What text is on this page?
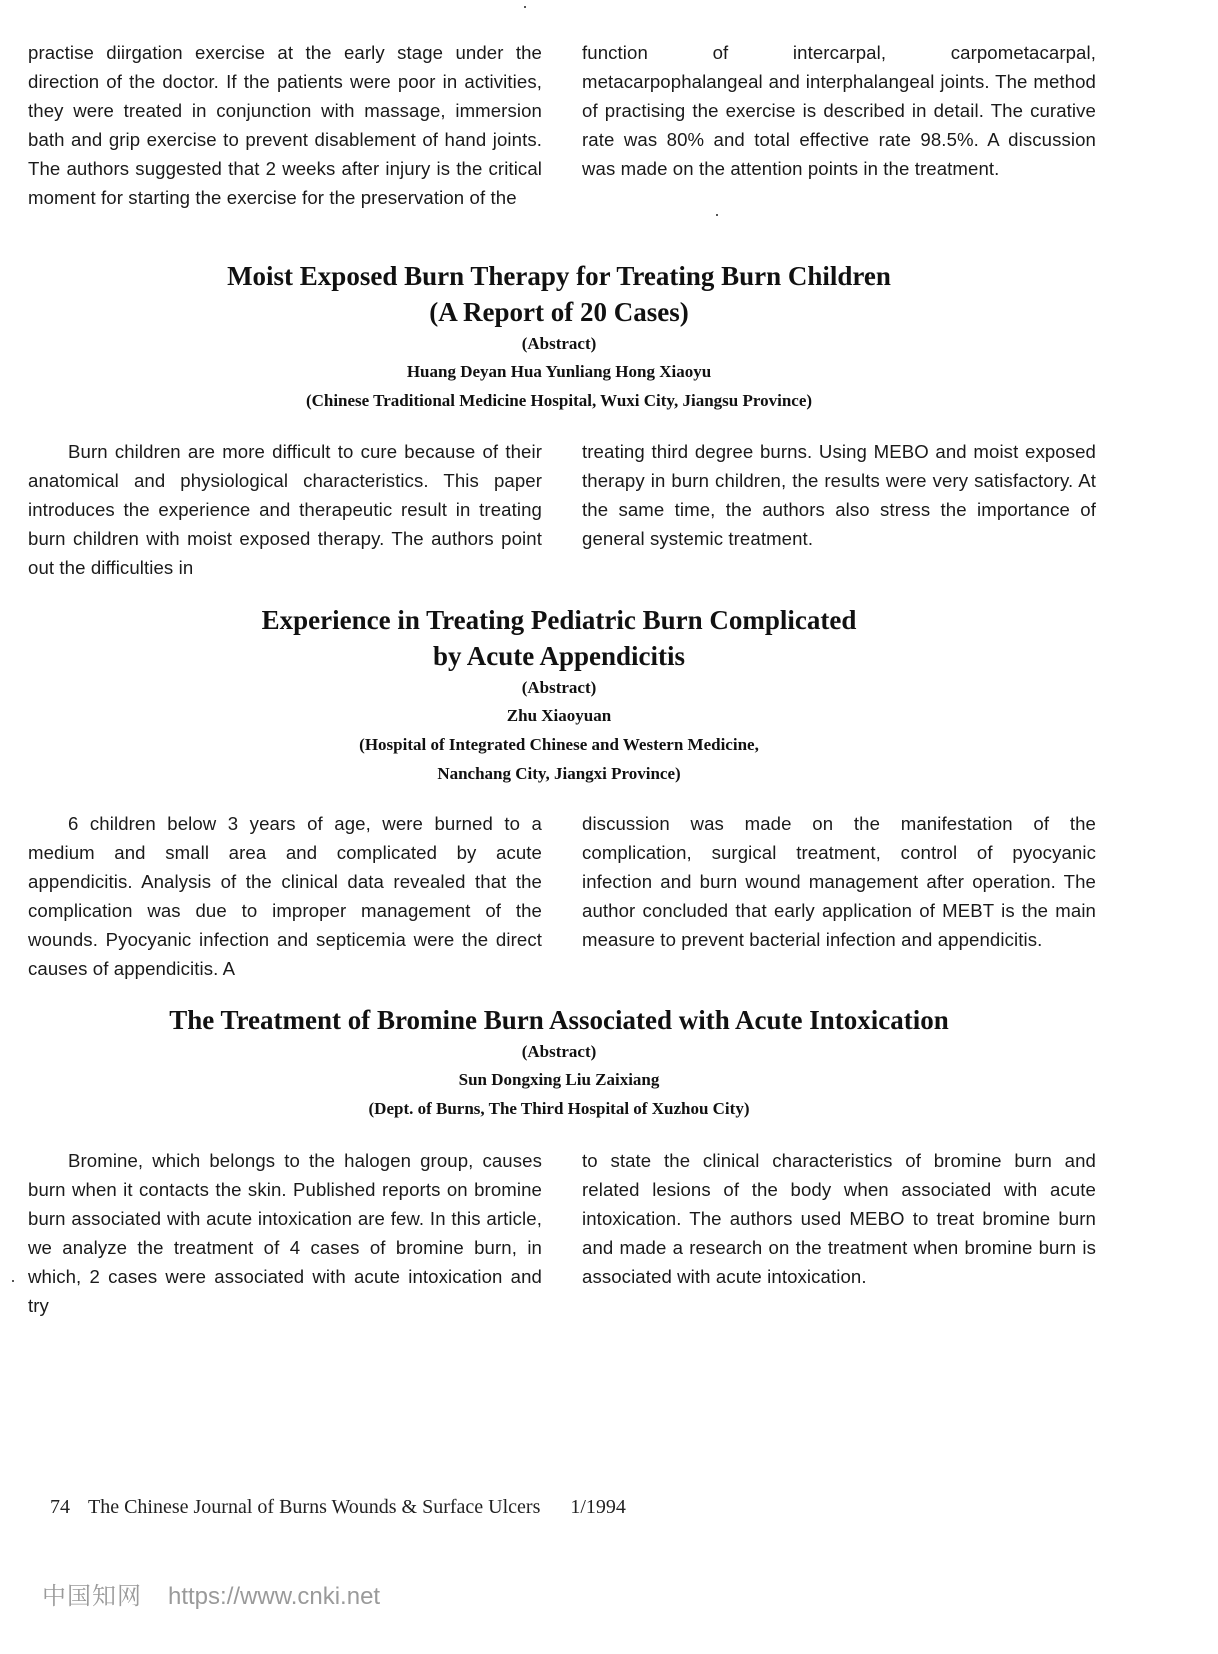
practise diirgation exercise at the early stage under the direction of the doctor. If the patients were poor in activities, they were treated in conjunction with massage, immersion bath and grip exercise to prevent disablement of hand joints. The authors suggested that 2 weeks after injury is the critical moment for starting the exercise for the preservation of the

function of intercarpal, carpometacarpal, metacarpophalangeal and interphalangeal joints. The method of practising the exercise is described in detail. The curative rate was 80% and total effective rate 98.5%. A discussion was made on the attention points in the treatment.

Moist Exposed Burn Therapy for Treating Burn Children
(A Report of 20 Cases)
(Abstract)
Huang Deyan Hua Yunliang Hong Xiaoyu
(Chinese Traditional Medicine Hospital, Wuxi City, Jiangsu Province)

Burn children are more difficult to cure because of their anatomical and physiological characteristics. This paper introduces the experience and therapeutic result in treating burn children with moist exposed therapy. The authors point out the difficulties in

treating third degree burns. Using MEBO and moist exposed therapy in burn children, the results were very satisfactory. At the same time, the authors also stress the importance of general systemic treatment.

Experience in Treating Pediatric Burn Complicated
by Acute Appendicitis
(Abstract)
Zhu Xiaoyuan
(Hospital of Integrated Chinese and Western Medicine,
Nanchang City, Jiangxi Province)

6 children below 3 years of age, were burned to a medium and small area and complicated by acute appendicitis. Analysis of the clinical data revealed that the complication was due to improper management of the wounds. Pyocyanic infection and septicemia were the direct causes of appendicitis. A

discussion was made on the manifestation of the complication, surgical treatment, control of pyocyanic infection and burn wound management after operation. The author concluded that early application of MEBT is the main measure to prevent bacterial infection and appendicitis.

The Treatment of Bromine Burn Associated with Acute Intoxication
(Abstract)
Sun Dongxing Liu Zaixiang
(Dept. of Burns, The Third Hospital of Xuzhou City)

Bromine, which belongs to the halogen group, causes burn when it contacts the skin. Published reports on bromine burn associated with acute intoxication are few. In this article, we analyze the treatment of 4 cases of bromine burn, in which, 2 cases were associated with acute intoxication and try

to state the clinical characteristics of bromine burn and related lesions of the body when associated with acute intoxication. The authors used MEBO to treat bromine burn and made a research on the treatment when bromine burn is associated with acute intoxication.

74 The Chinese Journal of Burns Wounds & Surface Ulcers 1/1994
中国知网 https://www.cnki.net
